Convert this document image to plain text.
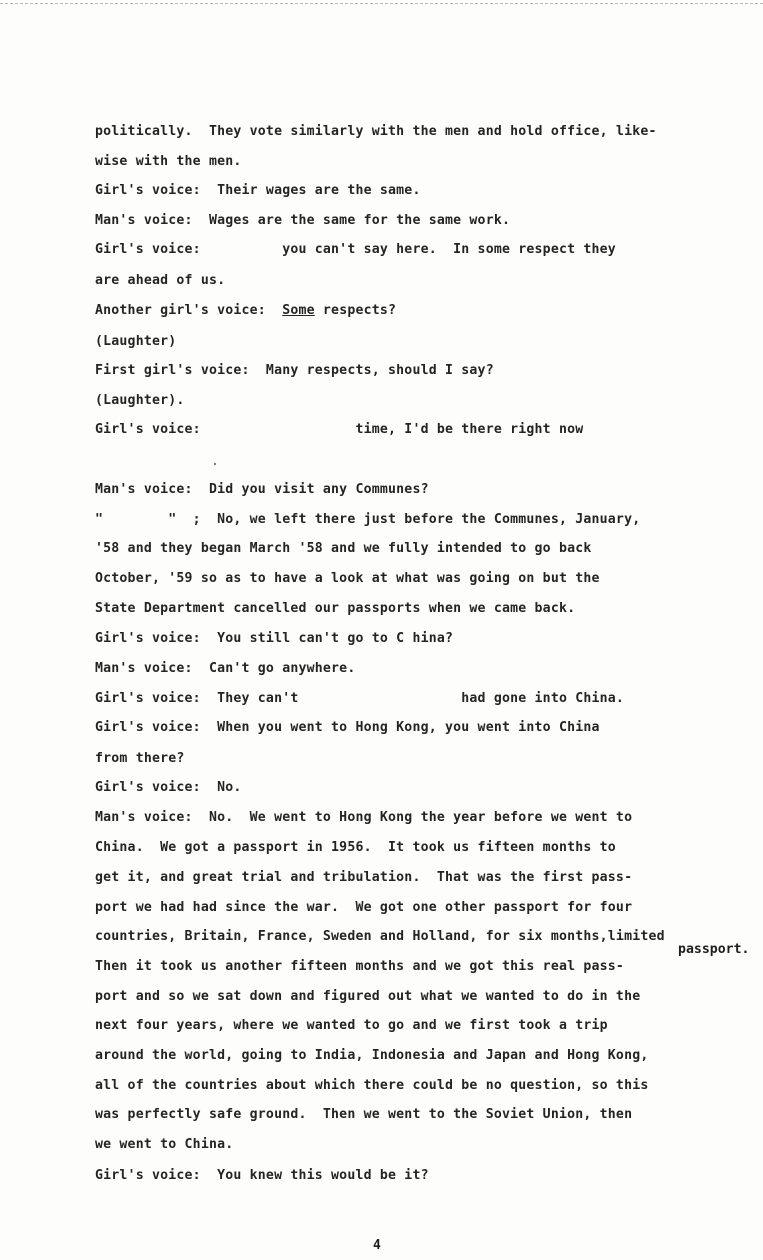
politically.  They vote similarly with the men and hold office, like-
wise with the men.
Girl's voice:  Their wages are the same.
Man's voice:  Wages are the same for the same work.
Girl's voice:          you can't say here.  In some respect they
are ahead of us.
Another girl's voice:  Some respects?
(Laughter)
First girl's voice:  Many respects, should I say?
(Laughter).
Girl's voice:                   time, I'd be there right now
Man's voice:  Did you visit any Communes?
"        "  ;  No, we left there just before the Communes, January,
'58 and they began March '58 and we fully intended to go back
October, '59 so as to have a look at what was going on but the
State Department cancelled our passports when we came back.
Girl's voice:  You still can't go to C hina?
Man's voice:  Can't go anywhere.
Girl's voice:  They can't                    had gone into China.
Girl's voice:  When you went to Hong Kong, you went into China
from there?
Girl's voice:  No.
Man's voice:  No.  We went to Hong Kong the year before we went to
China.  We got a passport in 1956.  It took us fifteen months to
get it, and great trial and tribulation.  That was the first pass-
port we had had since the war.  We got one other passport for four
countries, Britain, France, Sweden and Holland, for six months,limited
passport.
Then it took us another fifteen months and we got this real pass-
port and so we sat down and figured out what we wanted to do in the
next four years, where we wanted to go and we first took a trip
around the world, going to India, Indonesia and Japan and Hong Kong,
all of the countries about which there could be no question, so this
was perfectly safe ground.  Then we went to the Soviet Union, then
we went to China.
Girl's voice:  You knew this would be it?
4
